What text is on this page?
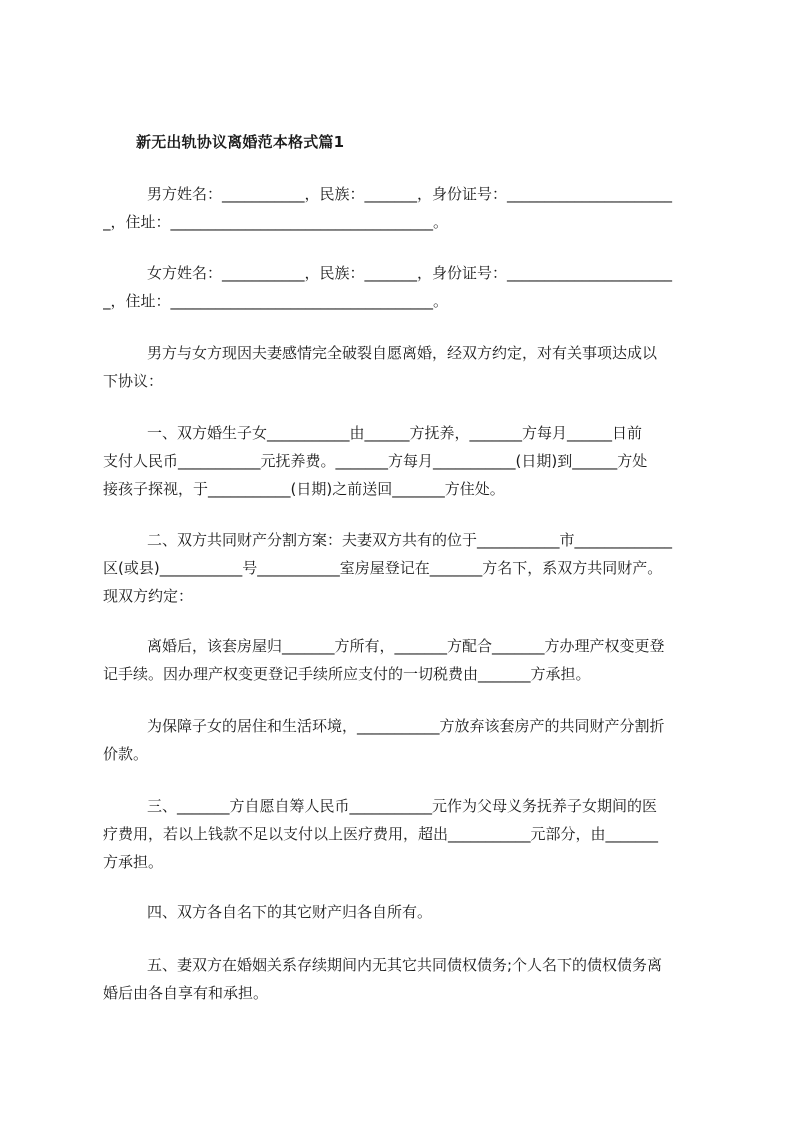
新无出轨协议离婚范本格式篇1
男方姓名：___________，民族：_______，身份证号：______________________
_，住址：___________________________________。
女方姓名：___________，民族：_______，身份证号：______________________
_，住址：___________________________________。
男方与女方现因夫妻感情完全破裂自愿离婚，经双方约定，对有关事项达成以
下协议：
一、双方婚生子女___________由______方抚养，_______方每月______日前
支付人民币___________元抚养费。_______方每月___________(日期)到______方处
接孩子探视，于___________(日期)之前送回_______方住处。
二、双方共同财产分割方案：夫妻双方共有的位于___________市_____________
区(或县)___________号___________室房屋登记在_______方名下，系双方共同财产。
现双方约定：
离婚后，该套房屋归_______方所有，_______方配合_______方办理产权变更登
记手续。因办理产权变更登记手续所应支付的一切税费由_______方承担。
为保障子女的居住和生活环境，___________方放弃该套房产的共同财产分割折
价款。
三、_______方自愿自筹人民币___________元作为父母义务抚养子女期间的医
疗费用，若以上钱款不足以支付以上医疗费用，超出___________元部分，由_______
方承担。
四、双方各自名下的其它财产归各自所有。
五、妻双方在婚姻关系存续期间内无其它共同债权债务;个人名下的债权债务离
婚后由各自享有和承担。
